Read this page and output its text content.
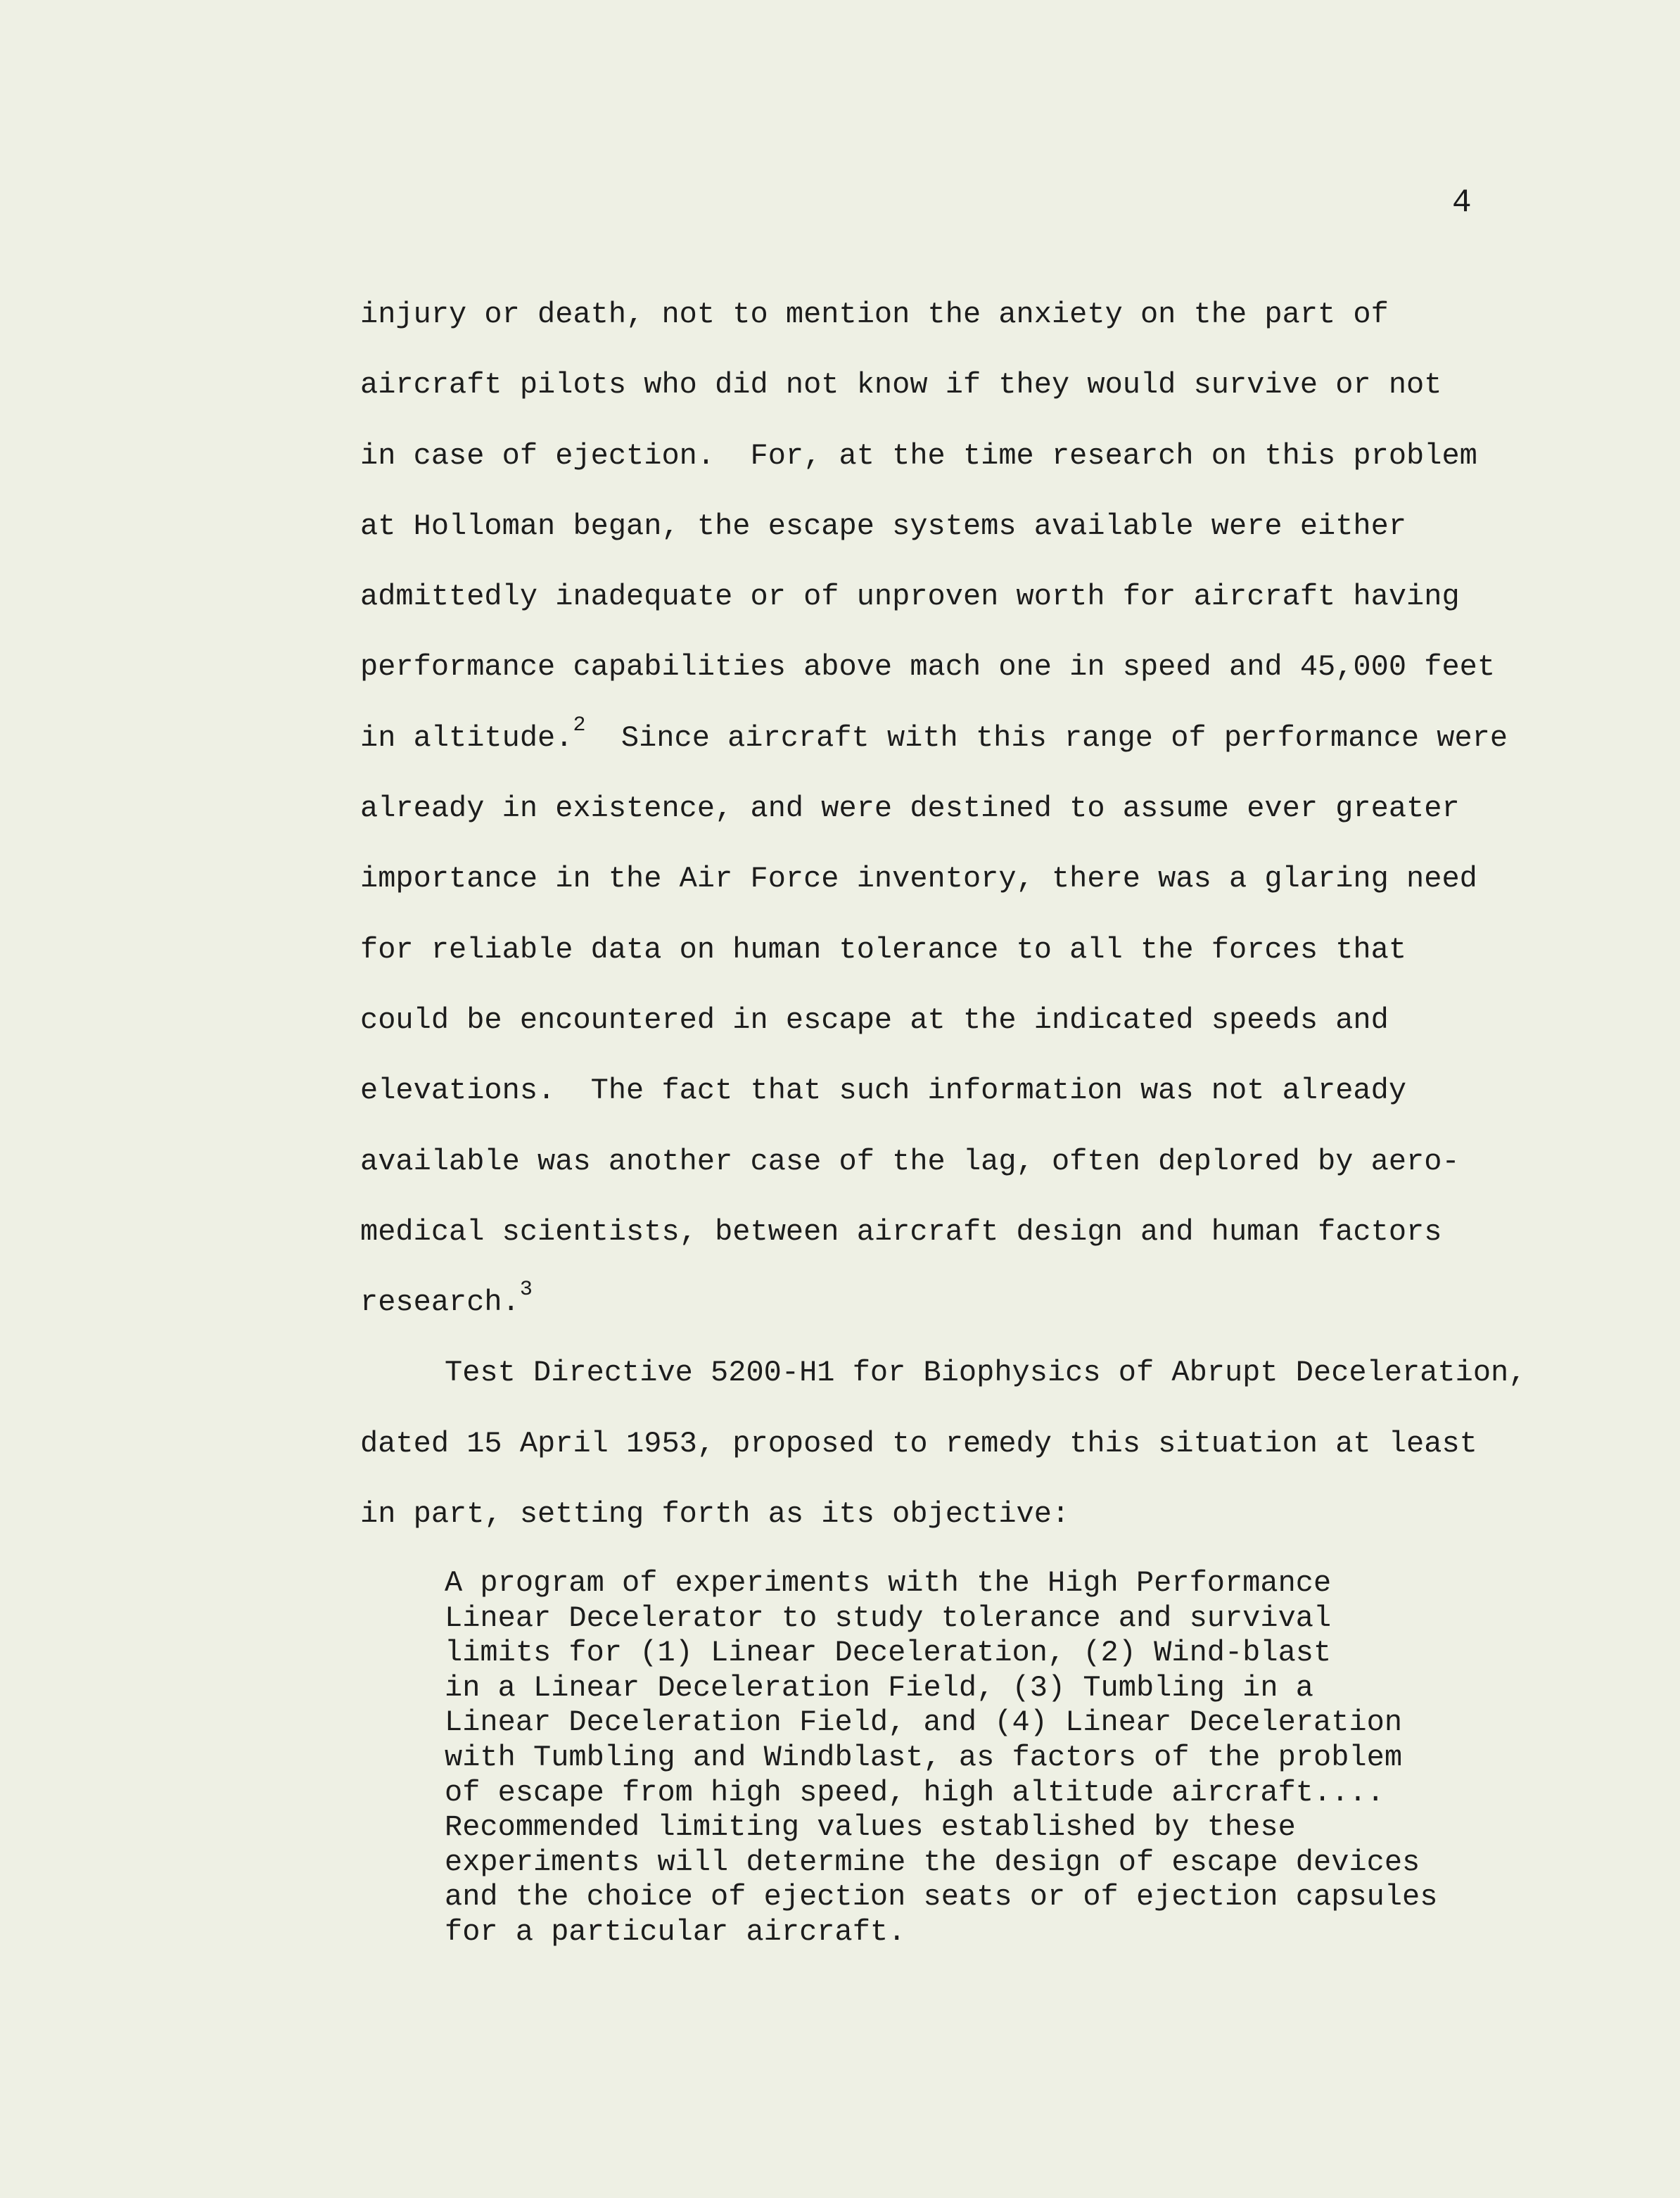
4
injury or death, not to mention the anxiety on the part of
aircraft pilots who did not know if they would survive or not
in case of ejection.  For, at the time research on this problem
at Holloman began, the escape systems available were either
admittedly inadequate or of unproven worth for aircraft having
performance capabilities above mach one in speed and 45,000 feet
in altitude.$^2$  Since aircraft with this range of performance were
already in existence, and were destined to assume ever greater
importance in the Air Force inventory, there was a glaring need
for reliable data on human tolerance to all the forces that
could be encountered in escape at the indicated speeds and
elevations.  The fact that such information was not already
available was another case of the lag, often deplored by aero-
medical scientists, between aircraft design and human factors
research.$^3$
Test Directive 5200-H1 for Biophysics of Abrupt Deceleration,
dated 15 April 1953, proposed to remedy this situation at least
in part, setting forth as its objective:
A program of experiments with the High Performance
Linear Decelerator to study tolerance and survival
limits for (1) Linear Deceleration, (2) Wind-blast
in a Linear Deceleration Field, (3) Tumbling in a
Linear Deceleration Field, and (4) Linear Deceleration
with Tumbling and Windblast, as factors of the problem
of escape from high speed, high altitude aircraft....
Recommended limiting values established by these
experiments will determine the design of escape devices
and the choice of ejection seats or of ejection capsules
for a particular aircraft.
